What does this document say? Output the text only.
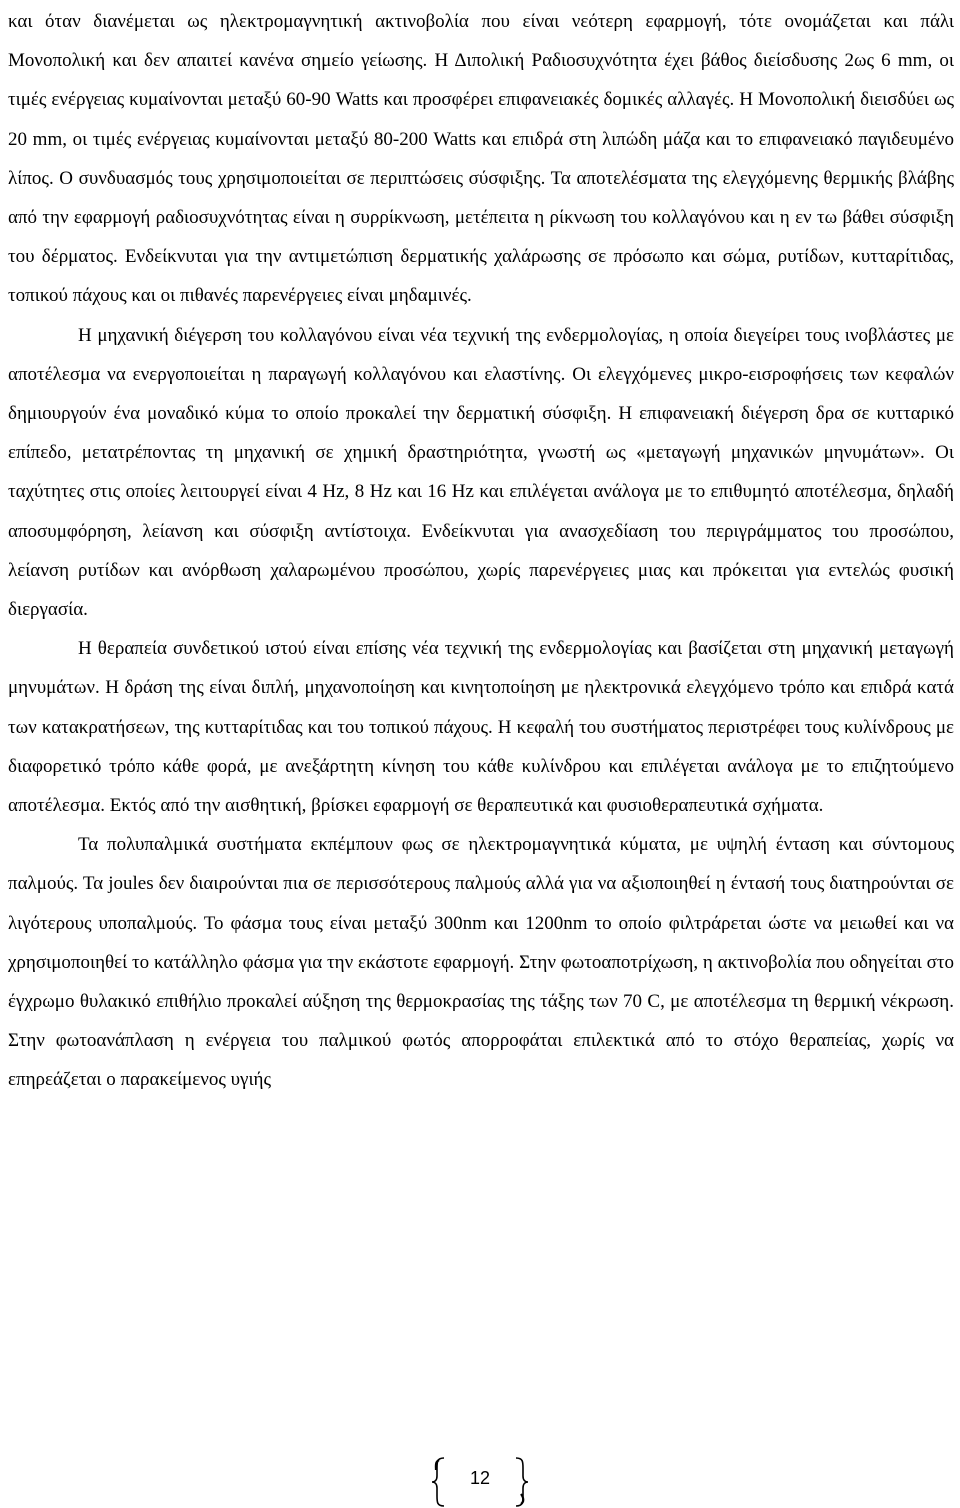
και όταν διανέμεται ως ηλεκτρομαγνητική ακτινοβολία που είναι νεότερη εφαρμογή, τότε ονομάζεται και πάλι Μονοπολική και δεν απαιτεί κανένα σημείο γείωσης. Η Διπολική Ραδιοσυχνότητα έχει βάθος διείσδυσης 2ως 6 mm, οι τιμές ενέργειας κυμαίνονται μεταξύ 60-90 Watts και προσφέρει επιφανειακές δομικές αλλαγές. Η Μονοπολική διεισδύει ως 20 mm, οι τιμές ενέργειας κυμαίνονται μεταξύ 80-200 Watts και επιδρά στη λιπώδη μάζα και το επιφανειακό παγιδευμένο λίπος. Ο συνδυασμός τους χρησιμοποιείται σε περιπτώσεις σύσφιξης. Τα αποτελέσματα της ελεγχόμενης θερμικής βλάβης από την εφαρμογή ραδιοσυχνότητας είναι η συρρίκνωση, μετέπειτα η ρίκνωση του κολλαγόνου και η εν τω βάθει σύσφιξη του δέρματος. Ενδείκνυται για την αντιμετώπιση δερματικής χαλάρωσης σε πρόσωπο και σώμα, ρυτίδων, κυτταρίτιδας, τοπικού πάχους και οι πιθανές παρενέργειες είναι μηδαμινές.

Η μηχανική διέγερση του κολλαγόνου είναι νέα τεχνική της ενδερμολογίας, η οποία διεγείρει τους ινοβλάστες με αποτέλεσμα να ενεργοποιείται η παραγωγή κολλαγόνου και ελαστίνης. Οι ελεγχόμενες μικρο-εισροφήσεις των κεφαλών δημιουργούν ένα μοναδικό κύμα το οποίο προκαλεί την δερματική σύσφιξη. Η επιφανειακή διέγερση δρα σε κυτταρικό επίπεδο, μετατρέποντας τη μηχανική σε χημική δραστηριότητα, γνωστή ως «μεταγωγή μηχανικών μηνυμάτων». Οι ταχύτητες στις οποίες λειτουργεί είναι 4 Hz, 8 Hz και 16 Hz και επιλέγεται ανάλογα με το επιθυμητό αποτέλεσμα, δηλαδή αποσυμφόρηση, λείανση και σύσφιξη αντίστοιχα. Ενδείκνυται για ανασχεδίαση του περιγράμματος του προσώπου, λείανση ρυτίδων και ανόρθωση χαλαρωμένου προσώπου, χωρίς παρενέργειες μιας και πρόκειται για εντελώς φυσική διεργασία.

Η θεραπεία συνδετικού ιστού είναι επίσης νέα τεχνική της ενδερμολογίας και βασίζεται στη μηχανική μεταγωγή μηνυμάτων. Η δράση της είναι διπλή, μηχανοποίηση και κινητοποίηση με ηλεκτρονικά ελεγχόμενο τρόπο και επιδρά κατά των κατακρατήσεων, της κυτταρίτιδας και του τοπικού πάχους. Η κεφαλή του συστήματος περιστρέφει τους κυλίνδρους με διαφορετικό τρόπο κάθε φορά, με ανεξάρτητη κίνηση του κάθε κυλίνδρου και επιλέγεται ανάλογα με το επιζητούμενο αποτέλεσμα. Εκτός από την αισθητική, βρίσκει εφαρμογή σε θεραπευτικά και φυσιοθεραπευτικά σχήματα.

Τα πολυπαλμικά συστήματα εκπέμπουν φως σε ηλεκτρομαγνητικά κύματα, με υψηλή ένταση και σύντομους παλμούς. Τα joules δεν διαιρούνται πια σε περισσότερους παλμούς αλλά για να αξιοποιηθεί η έντασή τους διατηρούνται σε λιγότερους υποπαλμούς. Το φάσμα τους είναι μεταξύ 300nm και 1200nm το οποίο φιλτράρεται ώστε να μειωθεί και να χρησιμοποιηθεί το κατάλληλο φάσμα για την εκάστοτε εφαρμογή. Στην φωτοαποτρίχωση, η ακτινοβολία που οδηγείται στο έγχρωμο θυλακικό επιθήλιο προκαλεί αύξηση της θερμοκρασίας της τάξης των 70 C, με αποτέλεσμα τη θερμική νέκρωση. Στην φωτοανάπλαση η ενέργεια του παλμικού φωτός απορροφάται επιλεκτικά από το στόχο θεραπείας, χωρίς να επηρεάζεται ο παρακείμενος υγιής

12
